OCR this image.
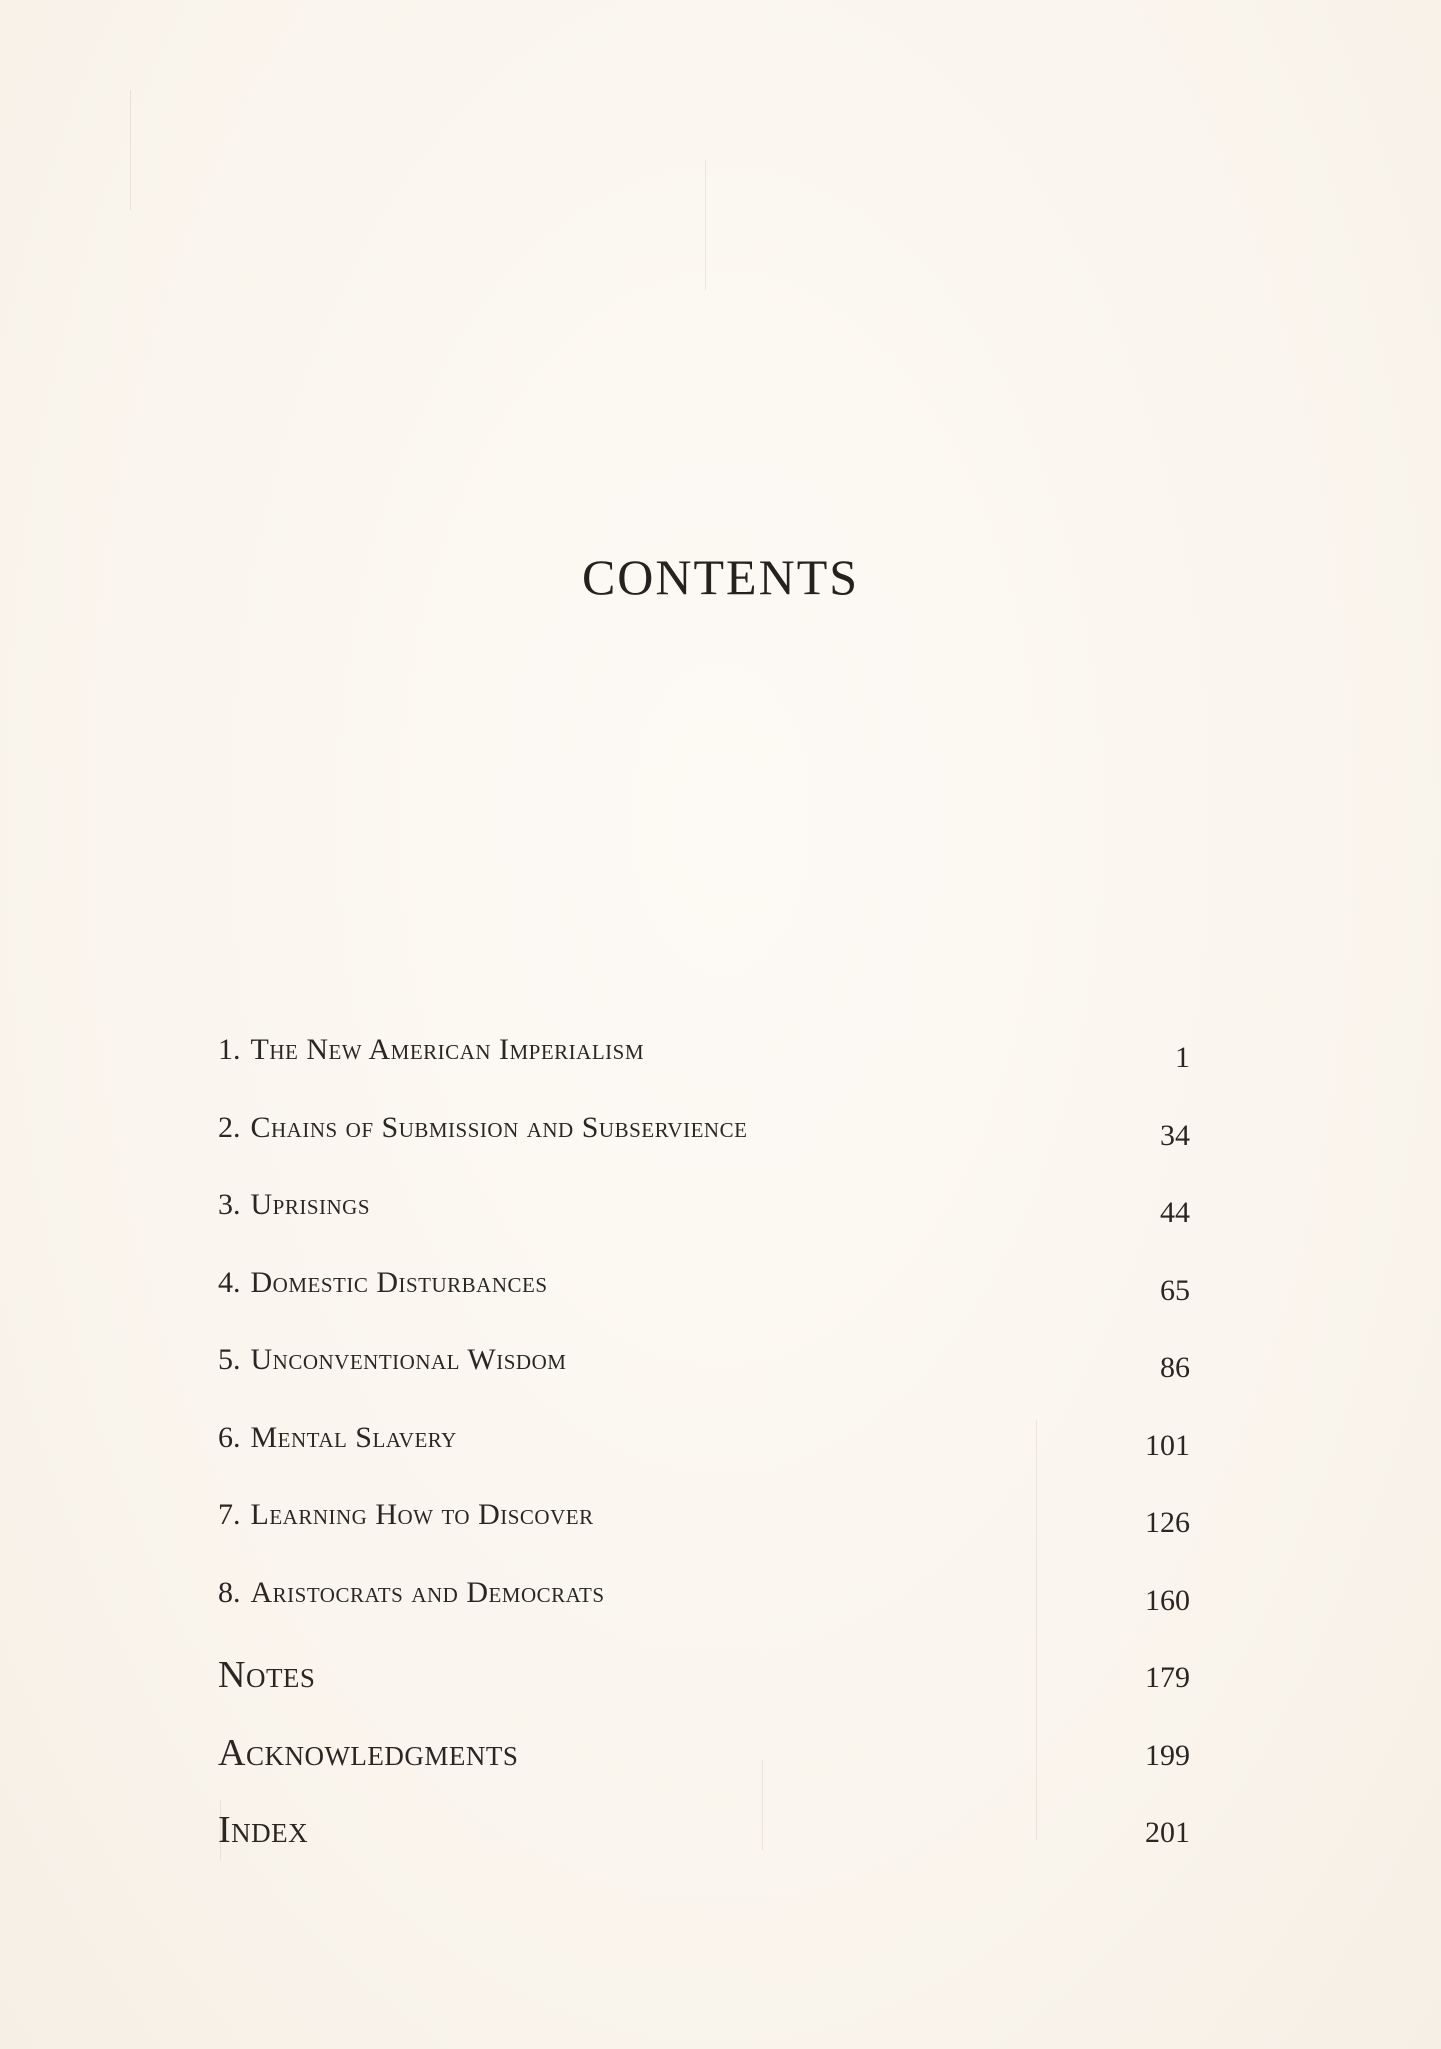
CONTENTS
1. The New American Imperialism	1
2. Chains of Submission and Subservience	34
3. Uprisings	44
4. Domestic Disturbances	65
5. Unconventional Wisdom	86
6. Mental Slavery	101
7. Learning How to Discover	126
8. Aristocrats and Democrats	160
Notes	179
Acknowledgments	199
Index	201
